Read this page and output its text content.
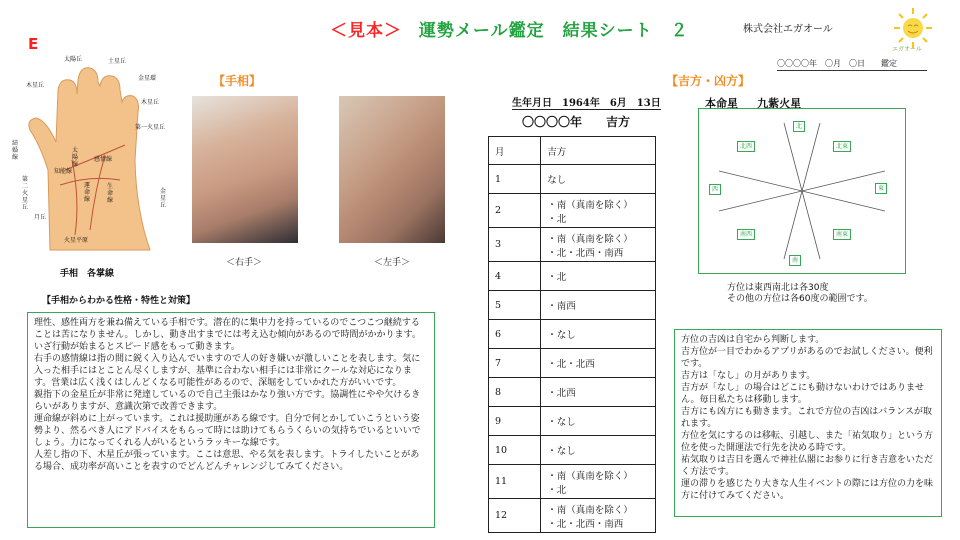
＜見本＞ 運勢メール鑑定　結果シート　２	株式会社エガオール
エガオール
E
〇〇〇〇年　〇月　〇日　　鑑定
太陽丘	土星丘
木星丘
金星環
木星丘
第一火星丘
結婚線
第二火星丘
月丘
太陽線
運命線
感情線
知能線
生命線
金星丘
火星平原
手相　各掌線
【手相】
＜右手＞	＜左手＞
【手相からわかる性格・特性と対策】

理性、感性両方を兼ね備えている手相です。潜在的に集中力を持っているのでこつこつ継続することは苦になりません。しかし、動き出すまでには考え込む傾向があるので時間がかかります。いざ行動が始まるとスピード感をもって動きます。

右手の感情線は指の間に鋭く入り込んでいますので人の好き嫌いが激しいことを表します。気に入った相手にはとことん尽くしますが、基準に合わない相手には非常にクールな対応になります。営業は広く浅くはしんどくなる可能性があるので、深堀をしていかれた方がいいです。

親指下の金星丘が非常に発達しているので自己主張はかなり強い方です。協調性にやや欠けるきらいがありますが、意識次第で改善できます。

運命線が斜めに上がっています。これは援助運がある線です。自分で何とかしていこうという姿勢より、然るべき人にアドバイスをもらって時には助けてもらうくらいの気持ちでいるといいでしょう。力になってくれる人がいるというラッキーな線です。

人差し指の下、木星丘が張っています。ここは意思、やる気を表します。トライしたいことがある場合、成功率が高いことを表すのでどんどんチャレンジしてみてください。

【吉方・凶方】
生年月日　1964年　6月　13日
〇〇〇〇年　　吉方
本命星 九紫火星
月	吉方
1	なし
2	・南（真南を除く）
・北
3	・南（真南を除く）
・北・北西・南西
4	・北
5	・南西
6	・なし
7	・北・北西
8	・北西
9	・なし
10	・なし
11	・南（真南を除く）
・北
12	・南（真南を除く）
・北・北西・南西
北
北西	北東
西	東
南西	南東
南
方位は東西南北は各30度
その他の方位は各60度の範囲です。

方位の吉凶は自宅から判断します。

吉方位が一目でわかるアプリがあるのでお試しください。便利です。

吉方は「なし」の月があります。

吉方が「なし」の場合はどこにも動けないわけではありません。毎日私たちは移動します。

吉方にも凶方にも動きます。これで方位の吉凶はバランスが取れます。

方位を気にするのは移転、引越し、また「祐気取り」という方位を使った開運法で行先を決める時です。

祐気取りは吉日を選んで神社仏閣にお参りに行き吉意をいただく方法です。

運の滞りを感じたり大きな人生イベントの際には方位の力を味方に付けてみてください。
